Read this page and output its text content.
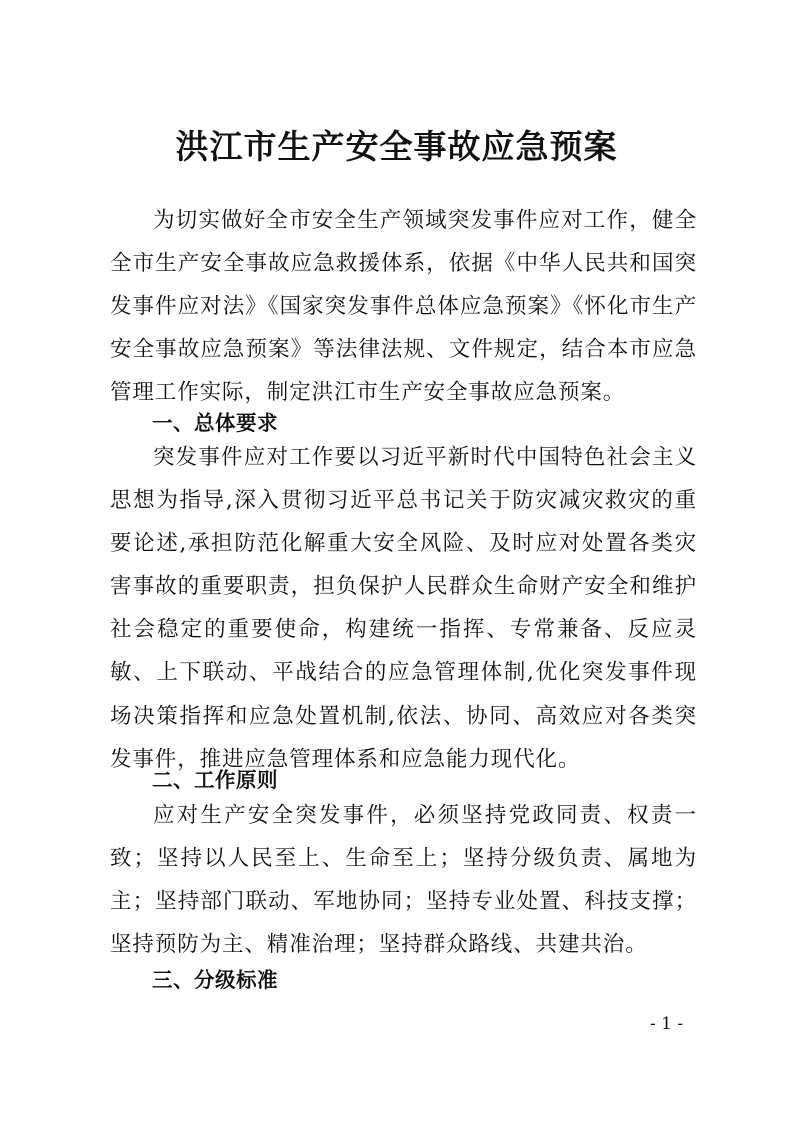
洪江市生产安全事故应急预案

为切实做好全市安全生产领域突发事件应对工作，健全全市生产安全事故应急救援体系，依据《中华人民共和国突发事件应对法》《国家突发事件总体应急预案》《怀化市生产安全事故应急预案》等法律法规、文件规定，结合本市应急管理工作实际，制定洪江市生产安全事故应急预案。

一、总体要求

突发事件应对工作要以习近平新时代中国特色社会主义思想为指导,深入贯彻习近平总书记关于防灾减灾救灾的重要论述,承担防范化解重大安全风险、及时应对处置各类灾害事故的重要职责，担负保护人民群众生命财产安全和维护社会稳定的重要使命，构建统一指挥、专常兼备、反应灵敏、上下联动、平战结合的应急管理体制,优化突发事件现场决策指挥和应急处置机制,依法、协同、高效应对各类突发事件，推进应急管理体系和应急能力现代化。

二、工作原则

应对生产安全突发事件，必须坚持党政同责、权责一致；坚持以人民至上、生命至上；坚持分级负责、属地为主；坚持部门联动、军地协同；坚持专业处置、科技支撑；坚持预防为主、精准治理；坚持群众路线、共建共治。

三、分级标准
- 1 -
